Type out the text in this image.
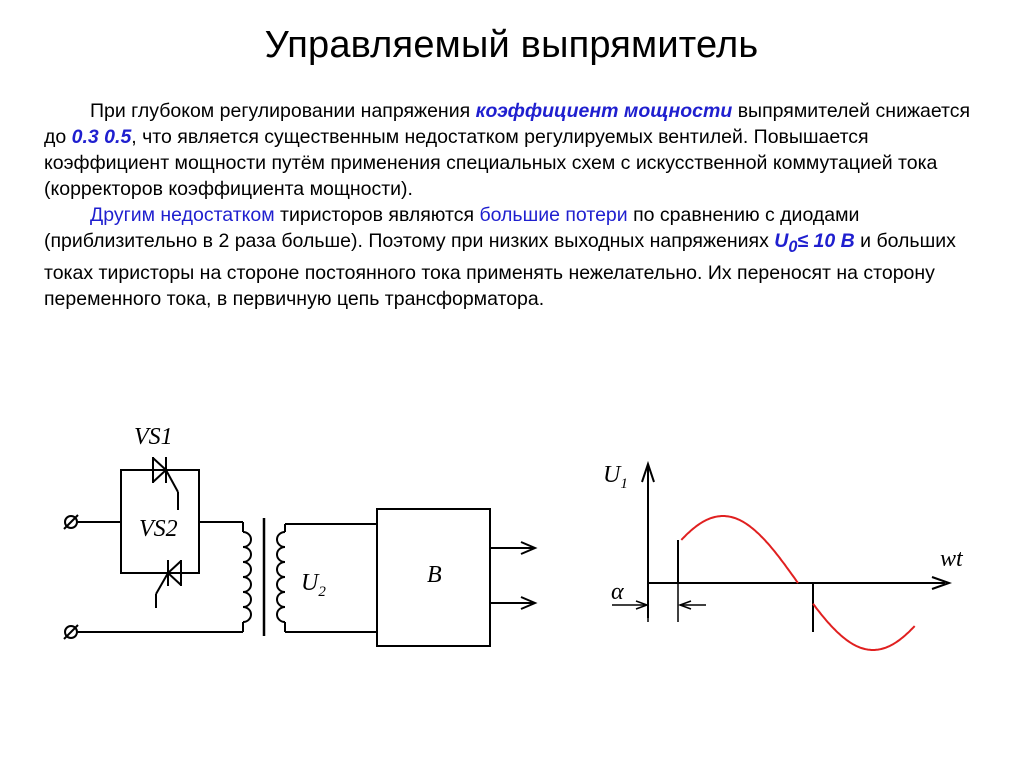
Управляемый выпрямитель

При глубоком регулировании напряжения коэффициент мощности выпрямителей снижается до 0.3 0.5, что является существенным недостатком регулируемых вентилей. Повышается коэффициент мощности путём применения специальных схем с искусственной коммутацией тока (корректоров коэффициента мощности).

Другим недостатком тиристоров являются большие потери по сравнению с диодами (приблизительно в 2 раза больше). Поэтому при низких выходных напряжениях $U_0\le 10$ В и больших токах тиристоры на стороне постоянного тока применять нежелательно. Их переносят на сторону переменного тока, в первичную цепь трансформатора.

VS1
VS2
$U_2$
B
$U_1$
wt
α
